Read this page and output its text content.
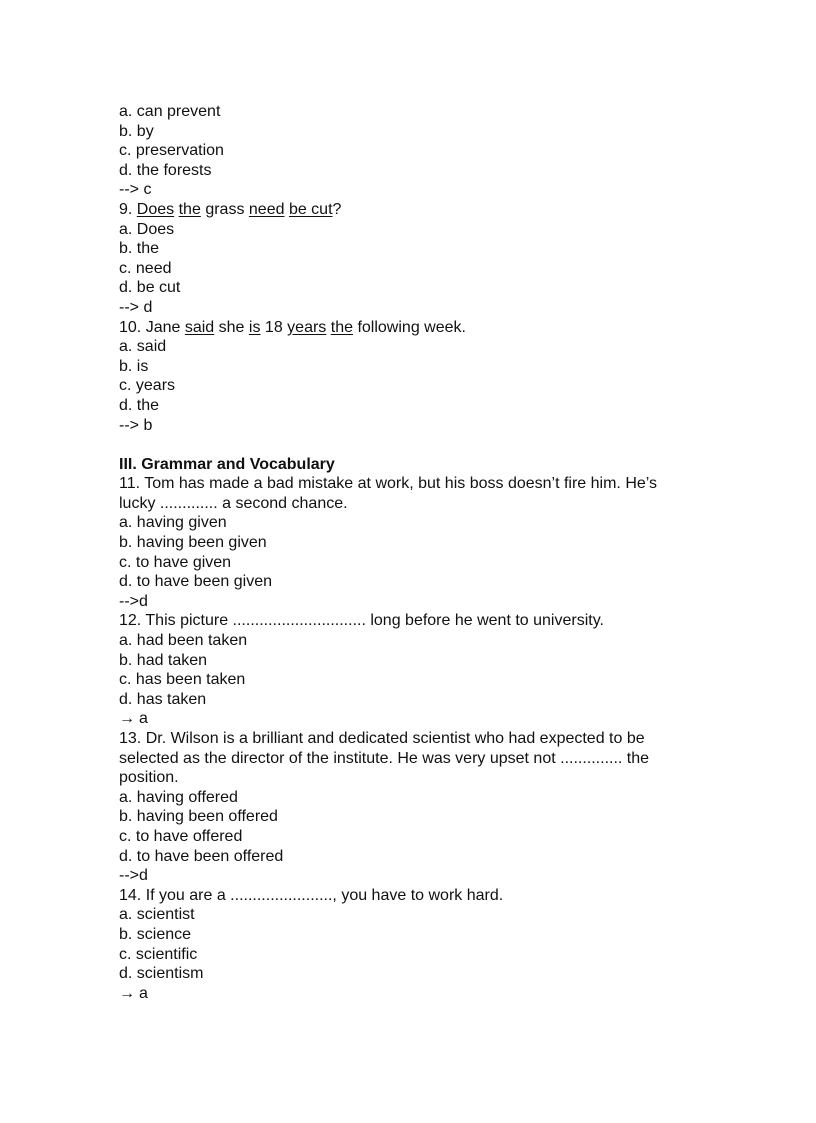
a. can prevent
b. by
c. preservation
d. the forests
--> c
9. Does the grass need be cut?
a. Does
b. the
c. need
d. be cut
--> d
10. Jane said she is 18 years the following week.
a. said
b. is
c. years
d. the
--> b
III. Grammar and Vocabulary
11. Tom has made a bad mistake at work, but his boss doesn’t fire him. He’s
lucky ............. a second chance.
a. having given
b. having been given
c. to have given
d. to have been given
-->d
12. This picture .............................. long before he went to university.
a. had been taken
b. had taken
c. has been taken
d. has taken
→ a
13. Dr. Wilson is a brilliant and dedicated scientist who had expected to be
selected as the director of the institute. He was very upset not .............. the
position.
a. having offered
b. having been offered
c. to have offered
d. to have been offered
-->d
14. If you are a ......................., you have to work hard.
a. scientist
b. science
c. scientific
d. scientism
→ a
